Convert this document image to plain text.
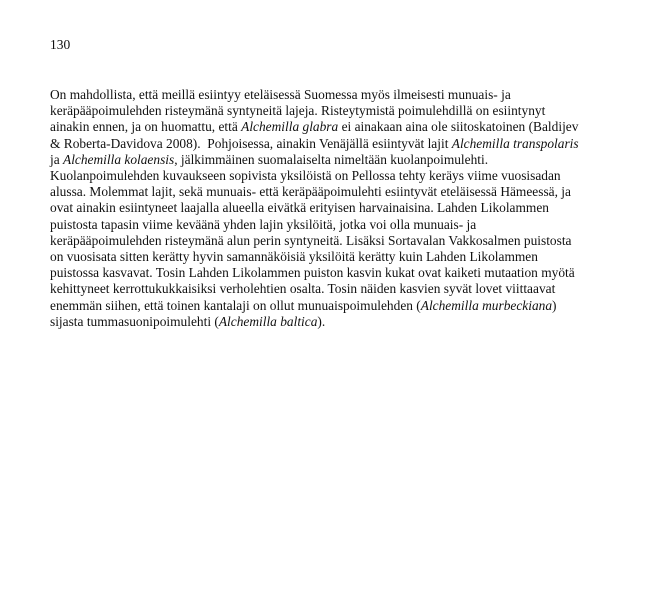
130
On mahdollista, että meillä esiintyy eteläisessä Suomessa myös ilmeisesti munuais- ja
keräpääpoimulehden risteymänä syntyneitä lajeja. Risteytymistä poimulehdillä on esiintynyt
ainakin ennen, ja on huomattu, että Alchemilla glabra ei ainakaan aina ole siitoskatoinen (Baldijev
& Roberta-Davidova 2008).  Pohjoisessa, ainakin Venäjällä esiintyvät lajit Alchemilla transpolaris
ja Alchemilla kolaensis, jälkimmäinen suomalaiselta nimeltään kuolanpoimulehti.
Kuolanpoimulehden kuvaukseen sopivista yksilöistä on Pellossa tehty keräys viime vuosisadan
alussa. Molemmat lajit, sekä munuais- että keräpääpoimulehti esiintyvät eteläisessä Hämeessä, ja
ovat ainakin esiintyneet laajalla alueella eivätkä erityisen harvainaisina. Lahden Likolammen
puistosta tapasin viime keväänä yhden lajin yksilöitä, jotka voi olla munuais- ja
keräpääpoimulehden risteymänä alun perin syntyneitä. Lisäksi Sortavalan Vakkosalmen puistosta
on vuosisata sitten kerätty hyvin samannäköisiä yksilöitä kerätty kuin Lahden Likolammen
puistossa kasvavat. Tosin Lahden Likolammen puiston kasvin kukat ovat kaiketi mutaation myötä
kehittyneet kerrottukukkaisiksi verholehtien osalta. Tosin näiden kasvien syvät lovet viittaavat
enemmän siihen, että toinen kantalaji on ollut munuaispoimulehden (Alchemilla murbeckiana)
sijasta tummasuonipoimulehti (Alchemilla baltica).
